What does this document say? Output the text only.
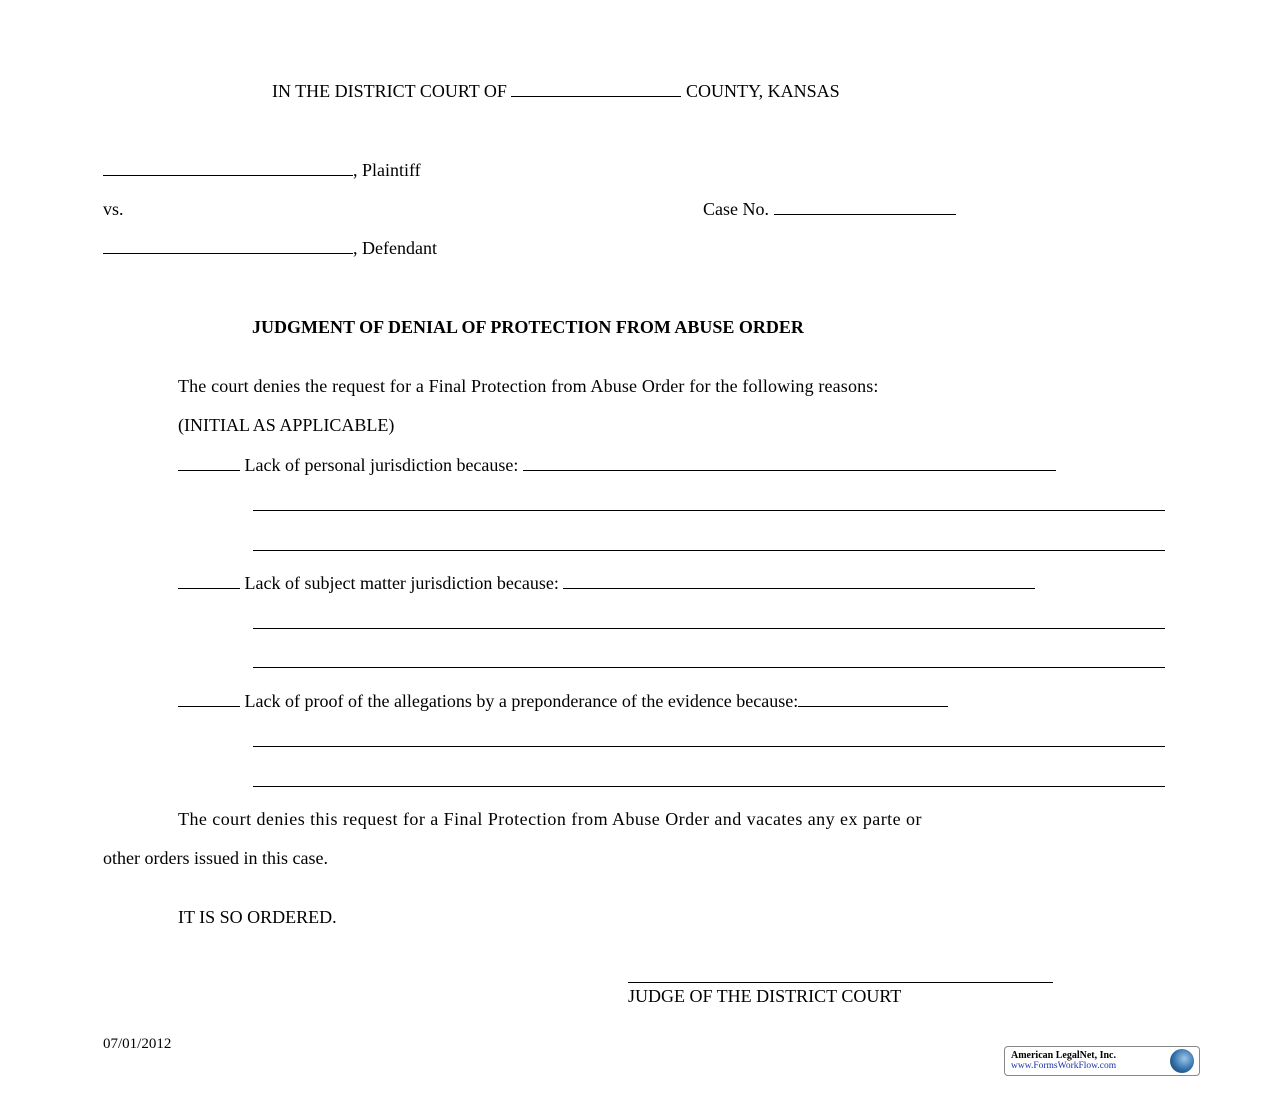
IN THE DISTRICT COURT OF	COUNTY, KANSAS
, Plaintiff
vs.	Case No.
, Defendant
JUDGMENT OF DENIAL OF PROTECTION FROM ABUSE ORDER
The court denies the request for a Final Protection from Abuse Order for the following reasons:
(INITIAL AS APPLICABLE)
Lack of personal jurisdiction because:
Lack of subject matter jurisdiction because:
Lack of proof of the allegations by a preponderance of the evidence because:
The court denies this request for a Final Protection from Abuse Order and vacates any ex parte or
other orders issued in this case.
IT IS SO ORDERED.
JUDGE OF THE DISTRICT COURT
07/01/2012
American LegalNet, Inc.
www.FormsWorkFlow.com
